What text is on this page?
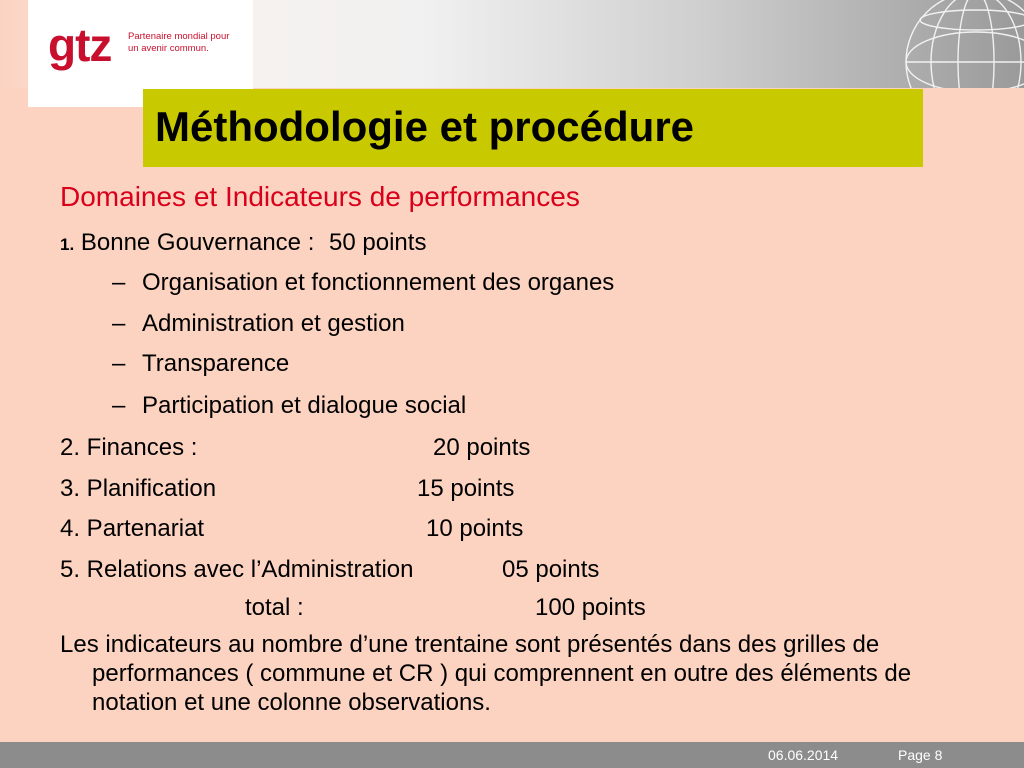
gtz Partenaire mondial pour
un avenir commun.
Méthodologie et procédure
Domaines et Indicateurs de performances
1. Bonne Gouvernance : 50 points
– Organisation et fonctionnement des organes
– Administration et gestion
– Transparence
– Participation et dialogue social
2. Finances :	20 points
3. Planification	15 points
4. Partenariat	10 points
5. Relations avec l’Administration	05 points
total :	100 points
Les indicateurs au nombre d’une trentaine sont présentés dans des grilles de performances ( commune et CR ) qui comprennent en outre des éléments de notation et une colonne observations.
06.06.2014	Page 8
